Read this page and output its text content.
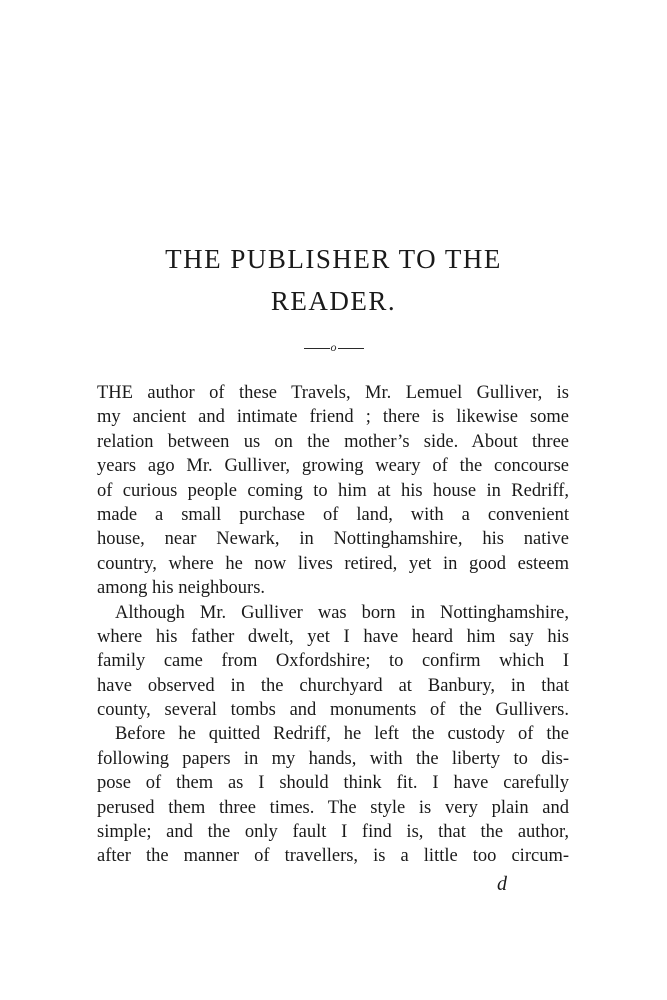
THE PUBLISHER TO THE
READER.
o
THE author of these Travels, Mr. Lemuel Gulliver, is
my ancient and intimate friend ; there is likewise some
relation between us on the mother’s side. About three
years ago Mr. Gulliver, growing weary of the concourse
of curious people coming to him at his house in Redriff,
made a small purchase of land, with a convenient
house, near Newark, in Nottinghamshire, his native
country, where he now lives retired, yet in good esteem
among his neighbours.
Although Mr. Gulliver was born in Nottinghamshire,
where his father dwelt, yet I have heard him say his
family came from Oxfordshire; to confirm which I
have observed in the churchyard at Banbury, in that
county, several tombs and monuments of the Gullivers.
Before he quitted Redriff, he left the custody of the
following papers in my hands, with the liberty to dis-
pose of them as I should think fit. I have carefully
perused them three times. The style is very plain and
simple; and the only fault I find is, that the author,
after the manner of travellers, is a little too circum-
d
